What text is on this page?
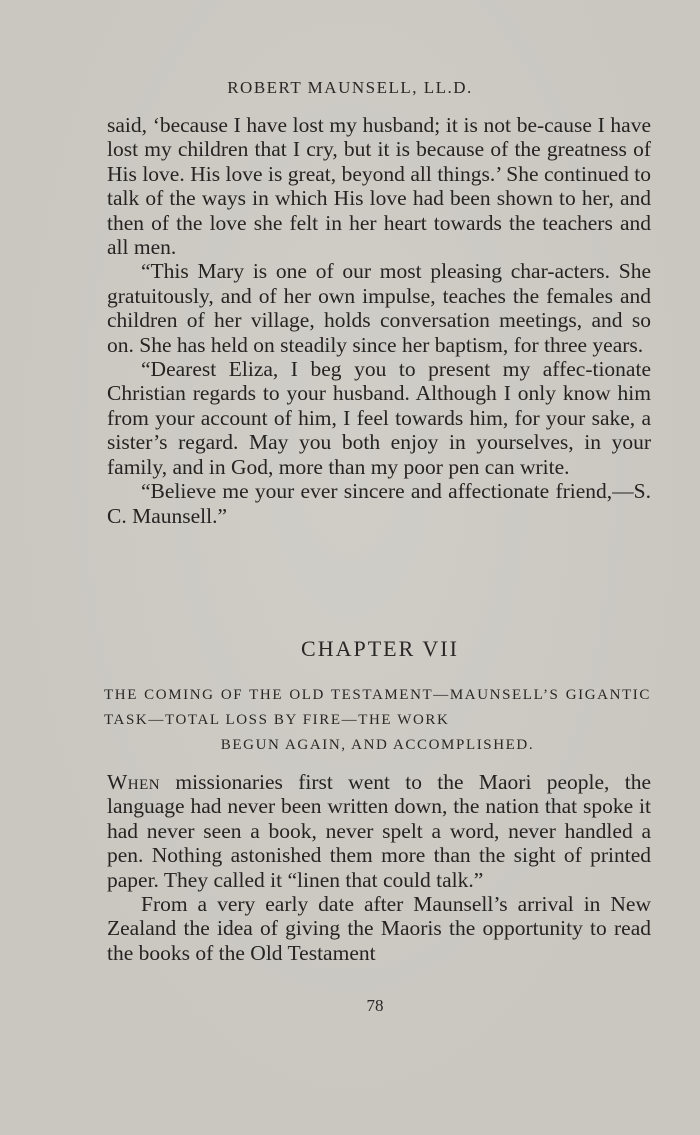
ROBERT MAUNSELL, LL.D.

said, ‘because I have lost my husband; it is not be-cause I have lost my children that I cry, but it is because of the greatness of His love. His love is great, beyond all things.’ She continued to talk of the ways in which His love had been shown to her, and then of the love she felt in her heart towards the teachers and all men.

“This Mary is one of our most pleasing char-acters. She gratuitously, and of her own impulse, teaches the females and children of her village, holds conversation meetings, and so on. She has held on steadily since her baptism, for three years.

“Dearest Eliza, I beg you to present my affec-tionate Christian regards to your husband. Although I only know him from your account of him, I feel towards him, for your sake, a sister’s regard. May you both enjoy in yourselves, in your family, and in God, more than my poor pen can write.

“Believe me your ever sincere and affectionate friend,—S. C. Maunsell.”

CHAPTER VII
THE COMING OF THE OLD TESTAMENT—MAUNSELL’S GIGANTIC TASK—TOTAL LOSS BY FIRE—THE WORK
BEGUN AGAIN, AND ACCOMPLISHED.

When missionaries first went to the Maori people, the language had never been written down, the nation that spoke it had never seen a book, never spelt a word, never handled a pen. Nothing astonished them more than the sight of printed paper. They called it “linen that could talk.”

From a very early date after Maunsell’s arrival in New Zealand the idea of giving the Maoris the opportunity to read the books of the Old Testament

78
